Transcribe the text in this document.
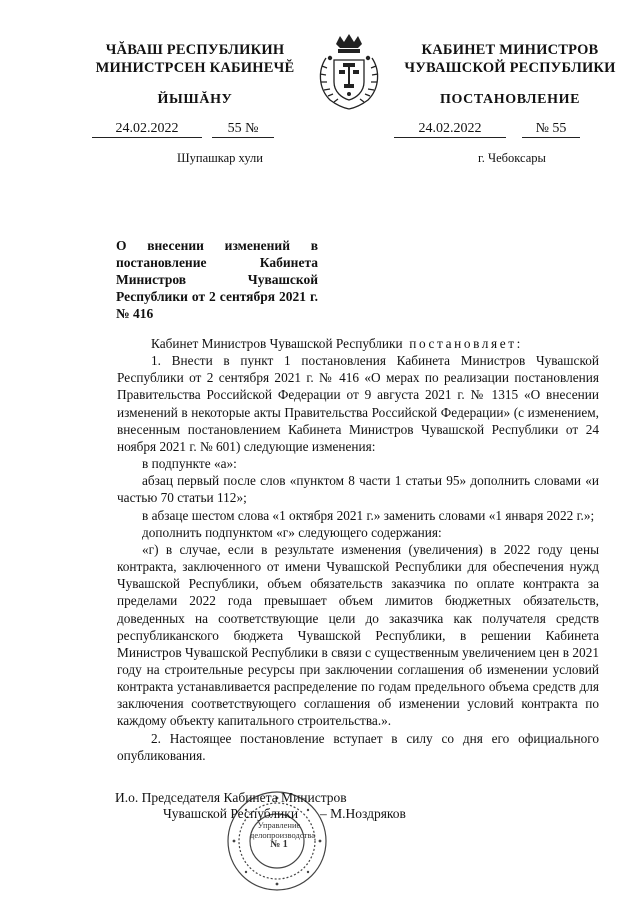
ЧĂВАШ РЕСПУБЛИКИН
МИНИСТРСЕН КАБИНЕЧĔ
КАБИНЕТ МИНИСТРОВ
ЧУВАШСКОЙ РЕСПУБЛИКИ
ЙЫШĂНУ	ПОСТАНОВЛЕНИЕ
24.02.2022	55 №	24.02.2022	№ 55
Шупашкар хули	г. Чебоксары
О внесении изменений в постановление Кабинета Министров Чувашской Республики от 2 сентября 2021 г. № 416

Кабинет Министров Чувашской Республики постановляет:

1. Внести в пункт 1 постановления Кабинета Министров Чувашской Республики от 2 сентября 2021 г. № 416 «О мерах по реализации постановления Правительства Российской Федерации от 9 августа 2021 г. № 1315 «О внесении изменений в некоторые акты Правительства Российской Федерации» (с изменением, внесенным постановлением Кабинета Министров Чувашской Республики от 24 ноября 2021 г. № 601) следующие изменения:

в подпункте «а»:

абзац первый после слов «пунктом 8 части 1 статьи 95» дополнить словами «и частью 70 статьи 112»;

в абзаце шестом слова «1 октября 2021 г.» заменить словами «1 января 2022 г.»;

дополнить подпунктом «г» следующего содержания:

«г) в случае, если в результате изменения (увеличения) в 2022 году цены контракта, заключенного от имени Чувашской Республики для обеспечения нужд Чувашской Республики, объем обязательств заказчика по оплате контракта за пределами 2022 года превышает объем лимитов бюджетных обязательств, доведенных на соответствующие цели до заказчика как получателя средств республиканского бюджета Чувашской Республики, в решении Кабинета Министров Чувашской Республики в связи с существенным увеличением цен в 2021 году на строительные ресурсы при заключении соглашения об изменении условий контракта устанавливается распределение по годам предельного объема средств для заключения соответствующего соглашения об изменении условий контракта по каждому объекту капитального строительства.».

2. Настоящее постановление вступает в силу со дня его официального опубликования.

Управление
делопроизводства
№ 1
И.о. Председателя Кабинета Министров
Чувашской Республики – М.Ноздряков
